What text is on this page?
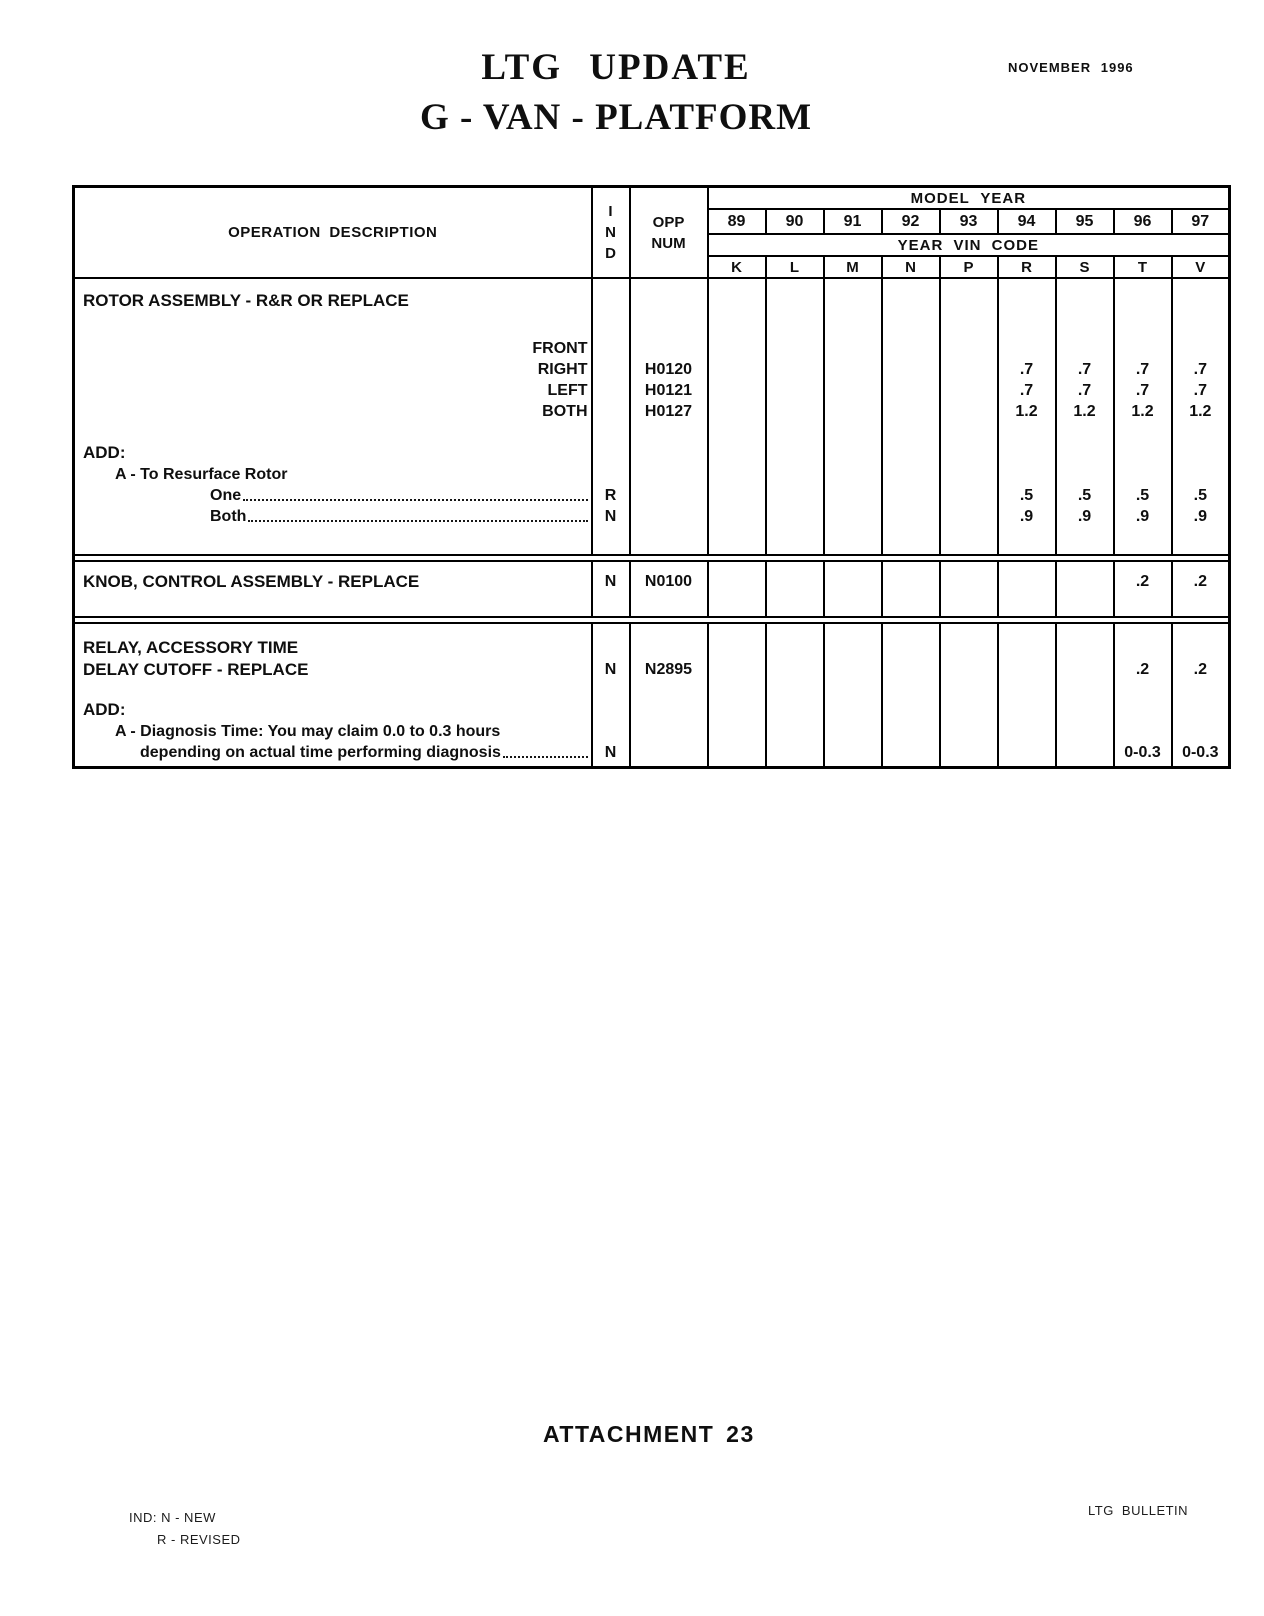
NOVEMBER 1996
LTG UPDATE
G - VAN - PLATFORM
OPERATION DESCRIPTION	
I
N
D

OPP
NUM
	MODEL YEAR
			89	90	91	92	93	94	95	96	97
			YEAR VIN CODE								
			K	L	M	N	P	R	S	T	V

ROTOR ASSEMBLY - R&R OR REPLACE											

FRONT											

RIGHT		H0120						.7	.7	.7	.7

LEFT		H0121						.7	.7	.7	.7

BOTH		H0127						1.2	1.2	1.2	1.2

ADD:											

A - To Resurface Rotor											

One	R							.5	.5	.5	.5

Both	N							.9	.9	.9	.9

KNOB, CONTROL ASSEMBLY - REPLACE	N	N0100								.2	.2

RELAY, ACCESSORY TIME											

DELAY CUTOFF - REPLACE	N	N2895								.2	.2

ADD:											

A - Diagnosis Time: You may claim 0.0 to 0.3 hours											

depending on actual time performing diagnosis	N									0-0.3	0-0.3

ATTACHMENT 23
IND: N - NEW
R - REVISED
LTG BULLETIN
